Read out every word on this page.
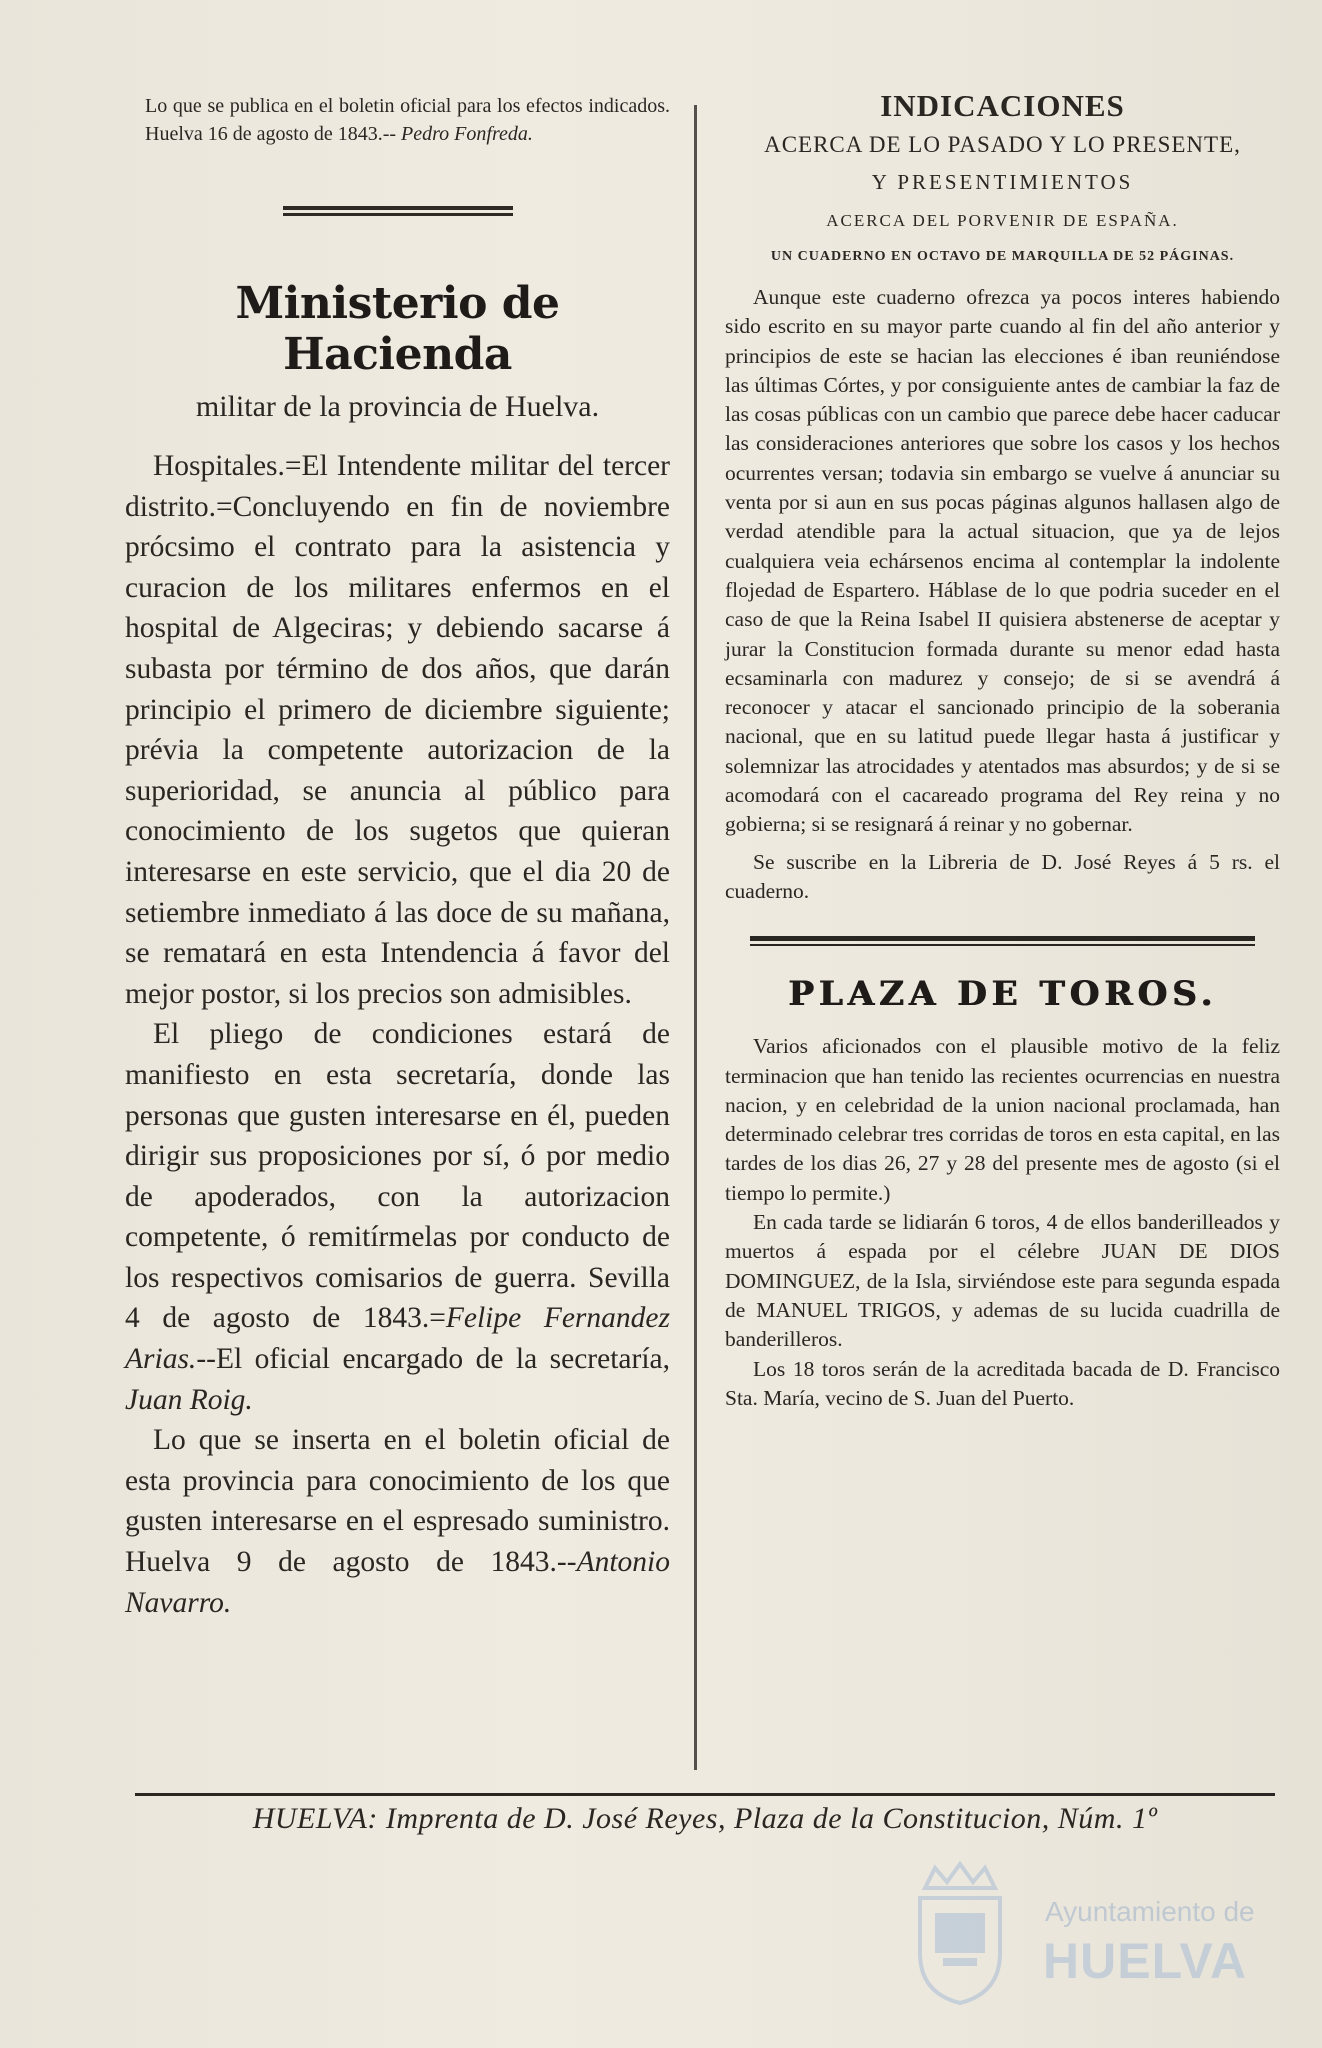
Lo que se publica en el boletin oficial para los efectos indicados. Huelva 16 de agosto de 1843.-- Pedro Fonfreda.

Ministerio de Hacienda
militar de la provincia de Huelva.

Hospitales.=El Intendente militar del tercer distrito.=Concluyendo en fin de noviembre prócsimo el contrato para la asistencia y curacion de los militares enfermos en el hospital de Algeciras; y debiendo sacarse á subasta por término de dos años, que darán principio el primero de diciembre siguiente; prévia la competente autorizacion de la superioridad, se anuncia al público para conocimiento de los sugetos que quieran interesarse en este servicio, que el dia 20 de setiembre inmediato á las doce de su mañana, se rematará en esta Intendencia á favor del mejor postor, si los precios son admisibles.

El pliego de condiciones estará de manifiesto en esta secretaría, donde las personas que gusten interesarse en él, pueden dirigir sus proposiciones por sí, ó por medio de apoderados, con la autorizacion competente, ó remitírmelas por conducto de los respectivos comisarios de guerra. Sevilla 4 de agosto de 1843.=Felipe Fernandez Arias.--El oficial encargado de la secretaría, Juan Roig.

Lo que se inserta en el boletin oficial de esta provincia para conocimiento de los que gusten interesarse en el espresado suministro. Huelva 9 de agosto de 1843.--Antonio Navarro.

INDICACIONES
ACERCA DE LO PASADO Y LO PRESENTE,
Y PRESENTIMIENTOS
ACERCA DEL PORVENIR DE ESPAÑA.
UN CUADERNO EN OCTAVO DE MARQUILLA DE 52 PÁGINAS.

Aunque este cuaderno ofrezca ya pocos interes habiendo sido escrito en su mayor parte cuando al fin del año anterior y principios de este se hacian las elecciones é iban reuniéndose las últimas Córtes, y por consiguiente antes de cambiar la faz de las cosas públicas con un cambio que parece debe hacer caducar las consideraciones anteriores que sobre los casos y los hechos ocurrentes versan; todavia sin embargo se vuelve á anunciar su venta por si aun en sus pocas páginas algunos hallasen algo de verdad atendible para la actual situacion, que ya de lejos cualquiera veia echársenos encima al contemplar la indolente flojedad de Espartero. Háblase de lo que podria suceder en el caso de que la Reina Isabel II quisiera abstenerse de aceptar y jurar la Constitucion formada durante su menor edad hasta ecsaminarla con madurez y consejo; de si se avendrá á reconocer y atacar el sancionado principio de la soberania nacional, que en su latitud puede llegar hasta á justificar y solemnizar las atrocidades y atentados mas absurdos; y de si se acomodará con el cacareado programa del Rey reina y no gobierna; si se resignará á reinar y no gobernar.

Se suscribe en la Libreria de D. José Reyes á 5 rs. el cuaderno.

PLAZA DE TOROS.

Varios aficionados con el plausible motivo de la feliz terminacion que han tenido las recientes ocurrencias en nuestra nacion, y en celebridad de la union nacional proclamada, han determinado celebrar tres corridas de toros en esta capital, en las tardes de los dias 26, 27 y 28 del presente mes de agosto (si el tiempo lo permite.)

En cada tarde se lidiarán 6 toros, 4 de ellos banderilleados y muertos á espada por el célebre JUAN DE DIOS DOMINGUEZ, de la Isla, sirviéndose este para segunda espada de MANUEL TRIGOS, y ademas de su lucida cuadrilla de banderilleros.

Los 18 toros serán de la acreditada bacada de D. Francisco Sta. María, vecino de S. Juan del Puerto.

HUELVA: Imprenta de D. José Reyes, Plaza de la Constitucion, Núm. 1º
Ayuntamiento de
HUELVA
